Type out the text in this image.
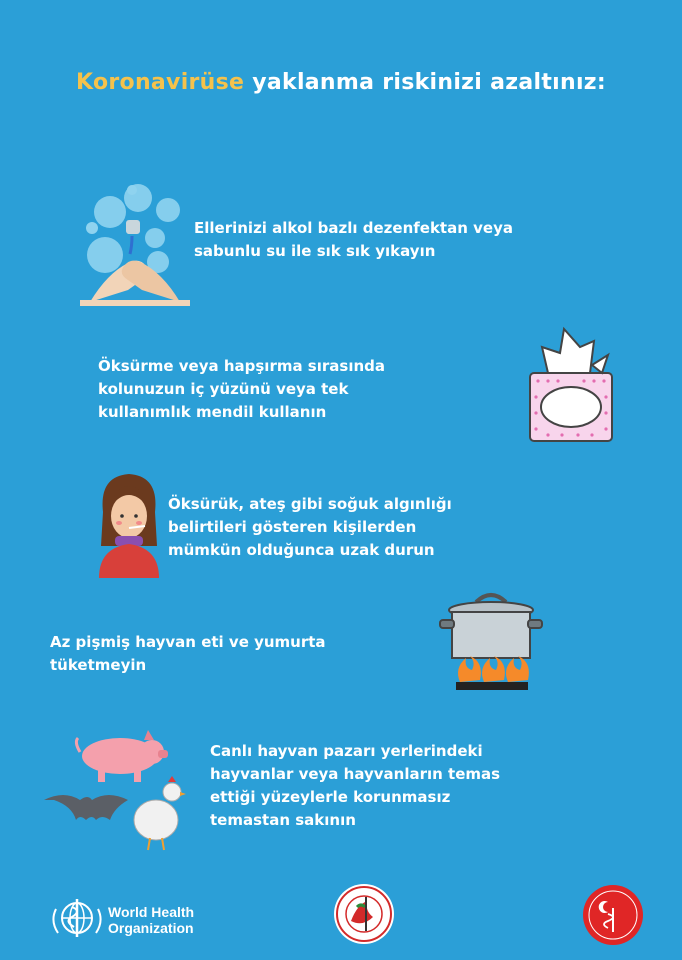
Koronavirüse yaklanma riskinizi azaltınız:
Ellerinizi alkol bazlı dezenfektan veya
sabunlu su ile sık sık yıkayın
Öksürme veya hapşırma sırasında
kolunuzun iç yüzünü veya tek
kullanımlık mendil kullanın
Öksürük, ateş gibi soğuk algınlığı
belirtileri gösteren kişilerden
mümkün olduğunca uzak durun
Az pişmiş hayvan eti ve yumurta
tüketmeyin
Canlı hayvan pazarı yerlerindeki
hayvanlar veya hayvanların temas
ettiği yüzeylerle korunmasız
temastan sakının
World Health
Organization
